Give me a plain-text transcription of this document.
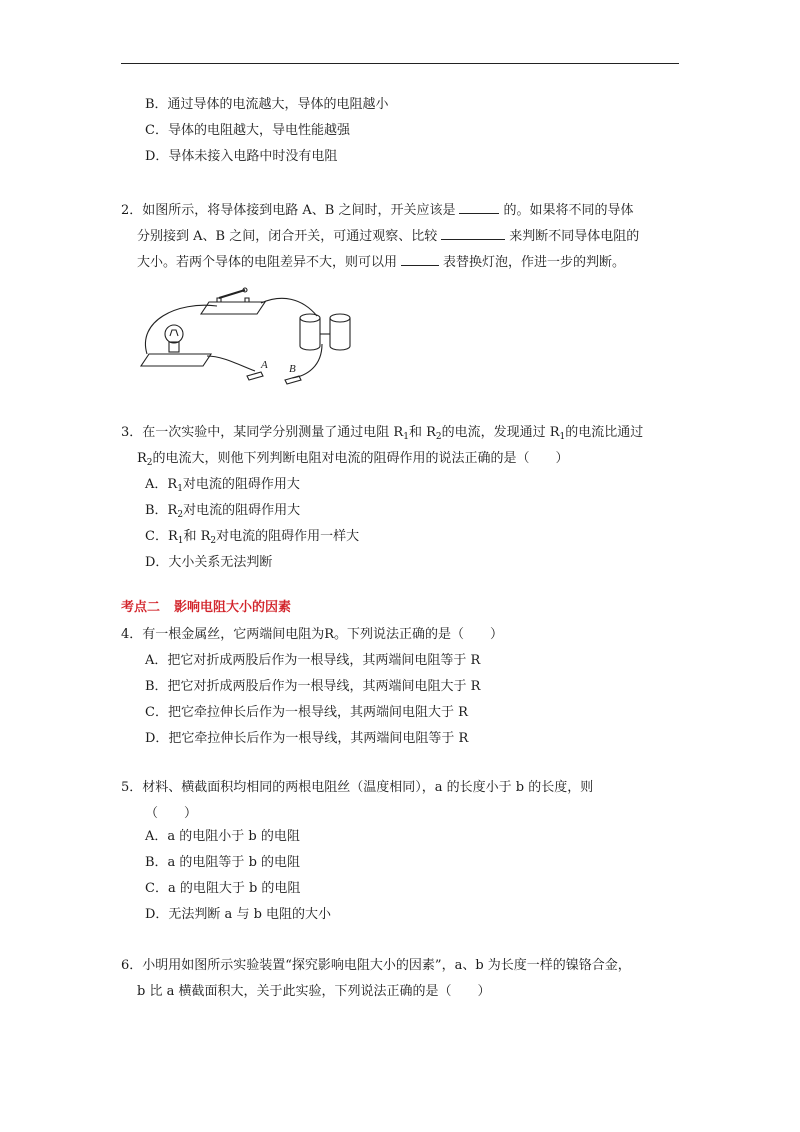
B．通过导体的电流越大，导体的电阻越小
C．导体的电阻越大，导电性能越强
D．导体未接入电路中时没有电阻
2．如图所示，将导体接到电路 A、B 之间时，开关应该是	的。如果将不同的导体
分别接到 A、B 之间，闭合开关，可通过观察、比较	来判断不同导体电阻的
大小。若两个导体的电阻差异不大，则可以用	表替换灯泡，作进一步的判断。
A B
3．在一次实验中，某同学分别测量了通过电阻 $R_1$和 $R_2$的电流，发现通过 $R_1$的电流比通过
$R_2$的电流大，则他下列判断电阻对电流的阻碍作用的说法正确的是（　　）
A．$R_1$对电流的阻碍作用大
B．$R_2$对电流的阻碍作用大
C．$R_1$和 $R_2$对电流的阻碍作用一样大
D．大小关系无法判断
考点二 影响电阻大小的因素
4．有一根金属丝，它两端间电阻为R。下列说法正确的是（　　）
A．把它对折成两股后作为一根导线，其两端间电阻等于 R
B．把它对折成两股后作为一根导线，其两端间电阻大于 R
C．把它牵拉伸长后作为一根导线，其两端间电阻大于 R
D．把它牵拉伸长后作为一根导线，其两端间电阻等于 R
5．材料、横截面积均相同的两根电阻丝（温度相同），a 的长度小于 b 的长度，则
（　　）
A．a 的电阻小于 b 的电阻
B．a 的电阻等于 b 的电阻
C．a 的电阻大于 b 的电阻
D．无法判断 a 与 b 电阻的大小
6．小明用如图所示实验装置“探究影响电阻大小的因素”，a、b 为长度一样的镍铬合金，
b 比 a 横截面积大，关于此实验，下列说法正确的是（　　）
